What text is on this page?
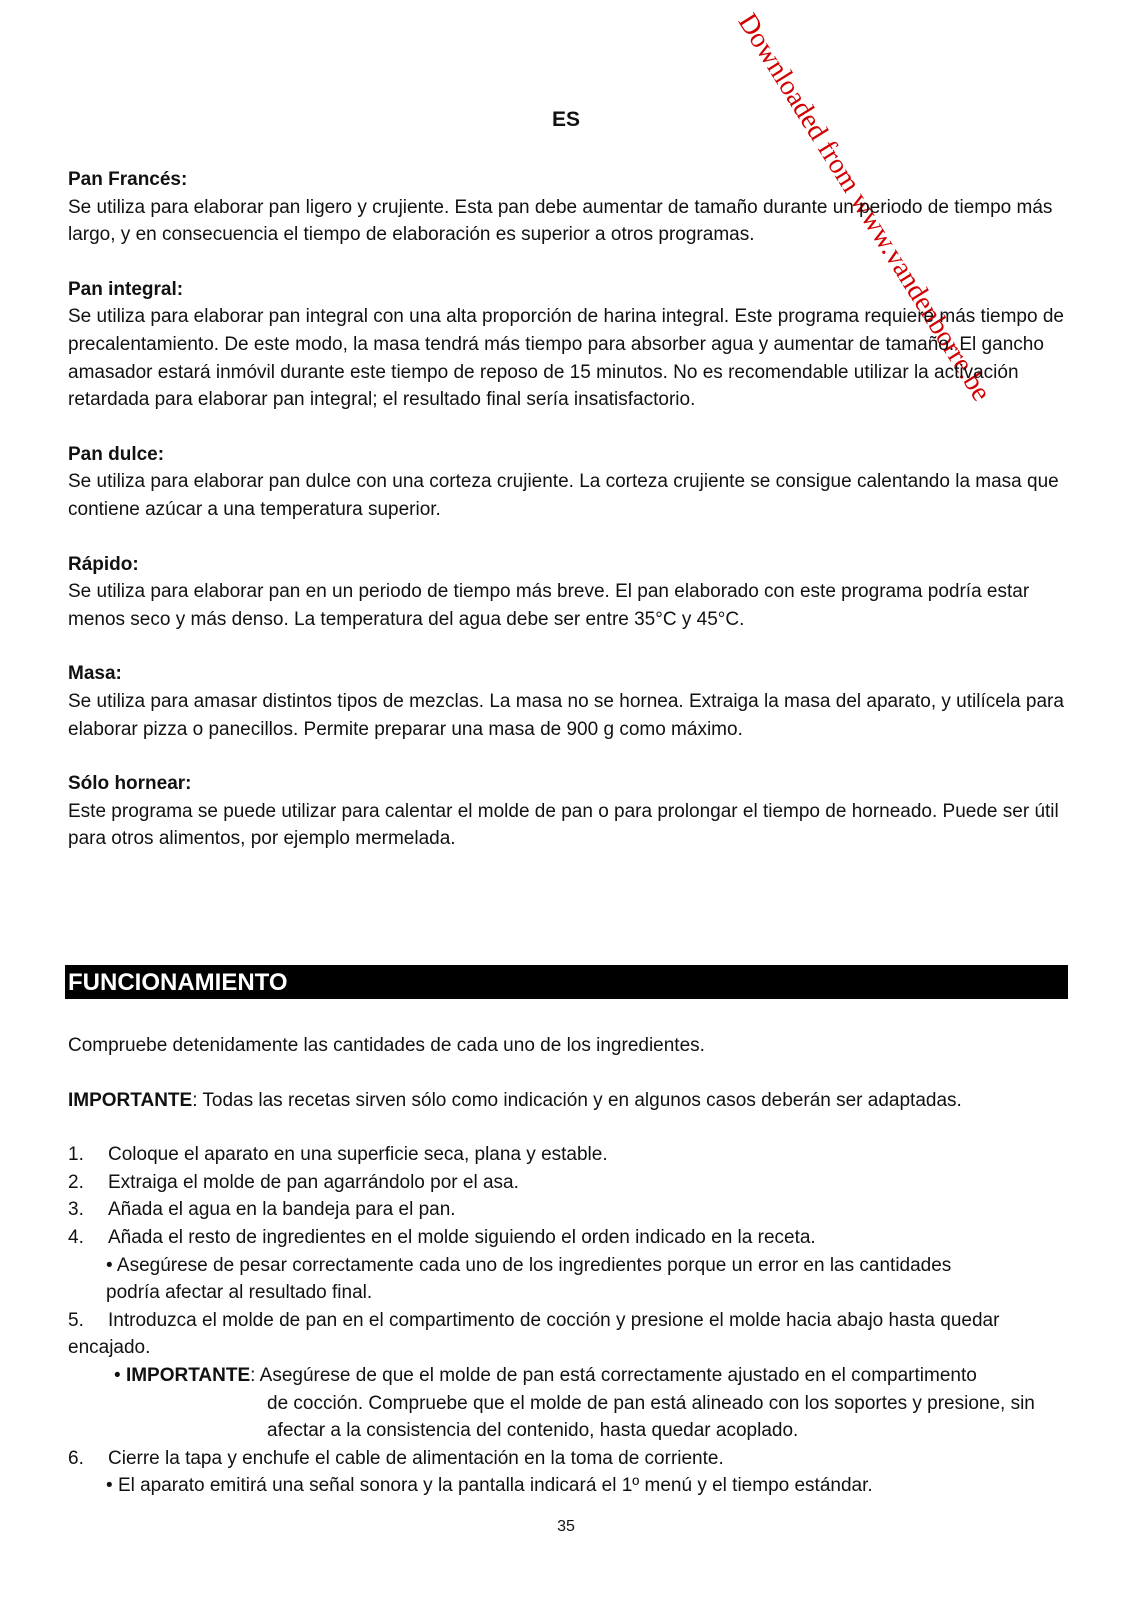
ES	Downloaded from www.vandenborre.be
Pan Francés:

Se utiliza para elaborar pan ligero y crujiente. Esta pan debe aumentar de tamaño durante un periodo de tiempo más largo, y en consecuencia el tiempo de elaboración es superior a otros programas.

Pan integral:

Se utiliza para elaborar pan integral con una alta proporción de harina integral. Este programa requiere más tiempo de precalentamiento. De este modo, la masa tendrá más tiempo para absorber agua y aumentar de tamaño. El gancho amasador estará inmóvil durante este tiempo de reposo de 15 minutos. No es recomendable utilizar la activación retardada para elaborar pan integral; el resultado final sería insatisfactorio.

Pan dulce:

Se utiliza para elaborar pan dulce con una corteza crujiente. La corteza crujiente se consigue calentando la masa que contiene azúcar a una temperatura superior.

Rápido:

Se utiliza para elaborar pan en un periodo de tiempo más breve. El pan elaborado con este programa podría estar menos seco y más denso. La temperatura del agua debe ser entre 35°C y 45°C.

Masa:

Se utiliza para amasar distintos tipos de mezclas. La masa no se hornea. Extraiga la masa del aparato, y utilícela para elaborar pizza o panecillos. Permite preparar una masa de 900 g como máximo.

Sólo hornear:

Este programa se puede utilizar para calentar el molde de pan o para prolongar el tiempo de horneado. Puede ser útil para otros alimentos, por ejemplo mermelada.

FUNCIONAMIENTO

Compruebe detenidamente las cantidades de cada uno de los ingredientes.

IMPORTANTE: Todas las recetas sirven sólo como indicación y en algunos casos deberán ser adaptadas.

1. Coloque el aparato en una superficie seca, plana y estable.
2. Extraiga el molde de pan agarrándolo por el asa.
3. Añada el agua en la bandeja para el pan.
4. Añada el resto de ingredientes en el molde siguiendo el orden indicado en la receta.
• Asegúrese de pesar correctamente cada uno de los ingredientes porque un error en las cantidades
podría afectar al resultado final.
5. Introduzca el molde de pan en el compartimento de cocción y presione el molde hacia abajo hasta quedar encajado.
• IMPORTANTE: Asegúrese de que el molde de pan está correctamente ajustado en el compartimento
de cocción. Compruebe que el molde de pan está alineado con los soportes y presione, sin afectar a la consistencia del contenido, hasta quedar acoplado.
6. Cierre la tapa y enchufe el cable de alimentación en la toma de corriente.
• El aparato emitirá una señal sonora y la pantalla indicará el 1º menú y el tiempo estándar.
35
